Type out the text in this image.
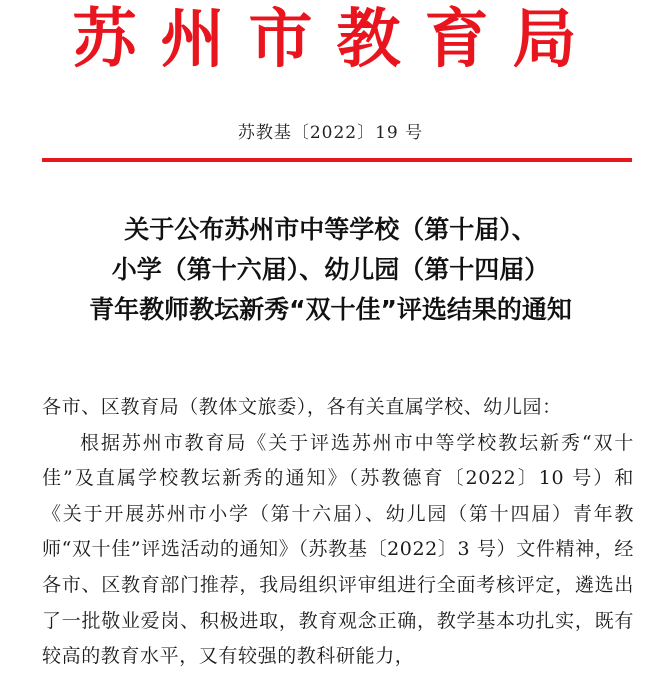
苏州市教育局
苏教基〔2022〕19 号
关于公布苏州市中等学校（第十届）、
小学（第十六届）、幼儿园（第十四届）
青年教师教坛新秀“双十佳”评选结果的通知
各市、区教育局（教体文旅委），各有关直属学校、幼儿园：

根据苏州市教育局《关于评选苏州市中等学校教坛新秀“双十佳”及直属学校教坛新秀的通知》（苏教德育〔2022〕10 号）和《关于开展苏州市小学（第十六届）、幼儿园（第十四届）青年教师“双十佳”评选活动的通知》（苏教基〔2022〕3 号）文件精神，经各市、区教育部门推荐，我局组织评审组进行全面考核评定，遴选出了一批敬业爱岗、积极进取，教育观念正确，教学基本功扎实，既有较高的教育水平，又有较强的教科研能力，
